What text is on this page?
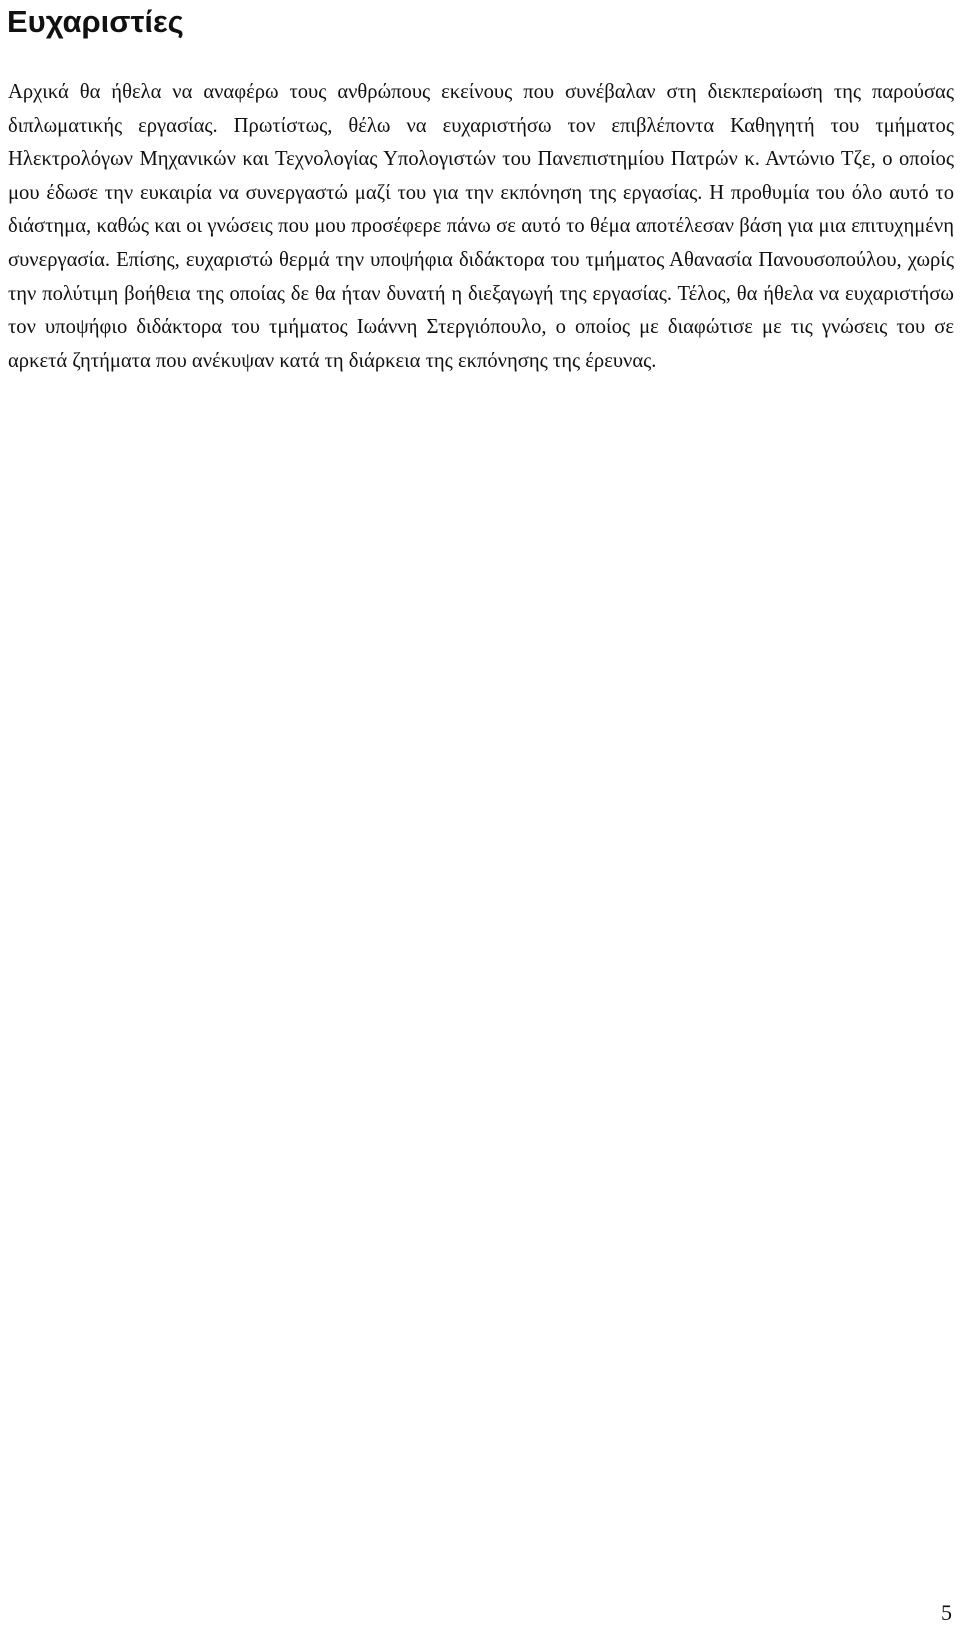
Ευχαριστίες

Αρχικά θα ήθελα να αναφέρω τους ανθρώπους εκείνους που συνέβαλαν στη διεκπεραίωση της παρούσας διπλωματικής εργασίας. Πρωτίστως, θέλω να ευχαριστήσω τον επιβλέποντα Καθηγητή του τμήματος Ηλεκτρολόγων Μηχανικών και Τεχνολογίας Υπολογιστών του Πανεπιστημίου Πατρών κ. Αντώνιο Τζε, ο οποίος μου έδωσε την ευκαιρία να συνεργαστώ μαζί του για την εκπόνηση της εργασίας. Η προθυμία του όλο αυτό το διάστημα, καθώς και οι γνώσεις που μου προσέφερε πάνω σε αυτό το θέμα αποτέλεσαν βάση για μια επιτυχημένη συνεργασία. Επίσης, ευχαριστώ θερμά την υποψήφια διδάκτορα του τμήματος Αθανασία Πανουσοπούλου, χωρίς την πολύτιμη βοήθεια της οποίας δε θα ήταν δυνατή η διεξαγωγή της εργασίας. Τέλος, θα ήθελα να ευχαριστήσω τον υποψήφιο διδάκτορα του τμήματος Ιωάννη Στεργιόπουλο, ο οποίος με διαφώτισε με τις γνώσεις του σε αρκετά ζητήματα που ανέκυψαν κατά τη διάρκεια της εκπόνησης της έρευνας.

5
